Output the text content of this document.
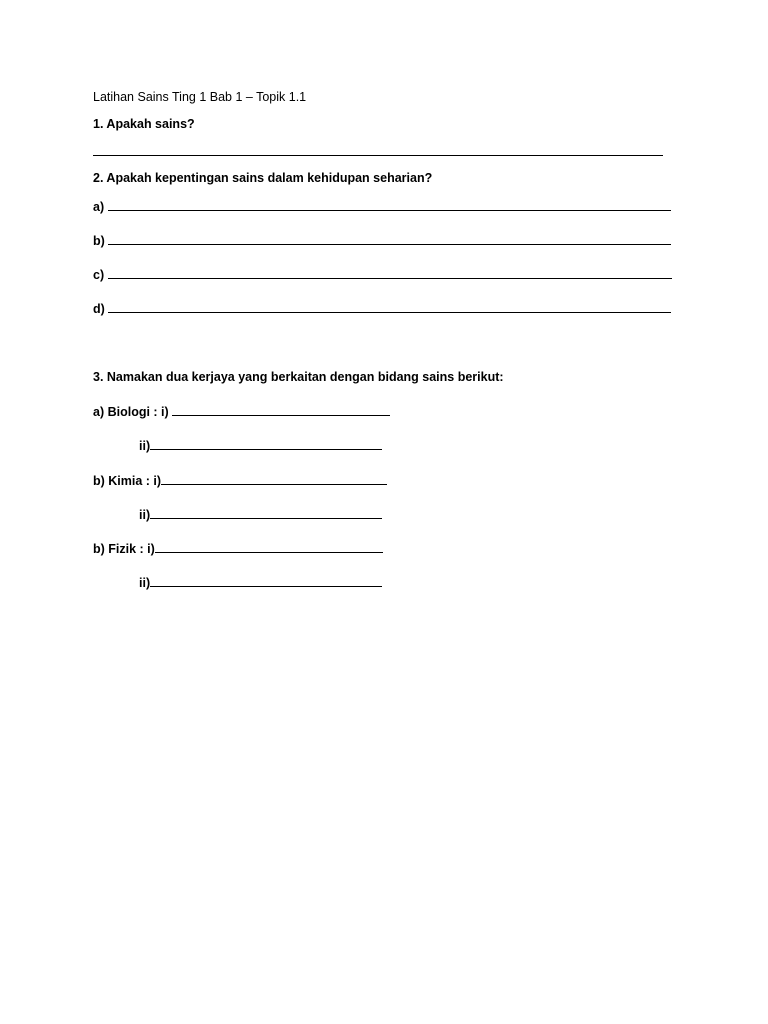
Latihan Sains Ting 1 Bab 1 – Topik 1.1
1. Apakah sains?
2. Apakah kepentingan sains dalam kehidupan seharian?
a)
b)
c)
d)
3. Namakan dua kerjaya yang berkaitan dengan bidang sains berikut:
a) Biologi : i)
ii)
b) Kimia : i)
ii)
b) Fizik : i)
ii)
